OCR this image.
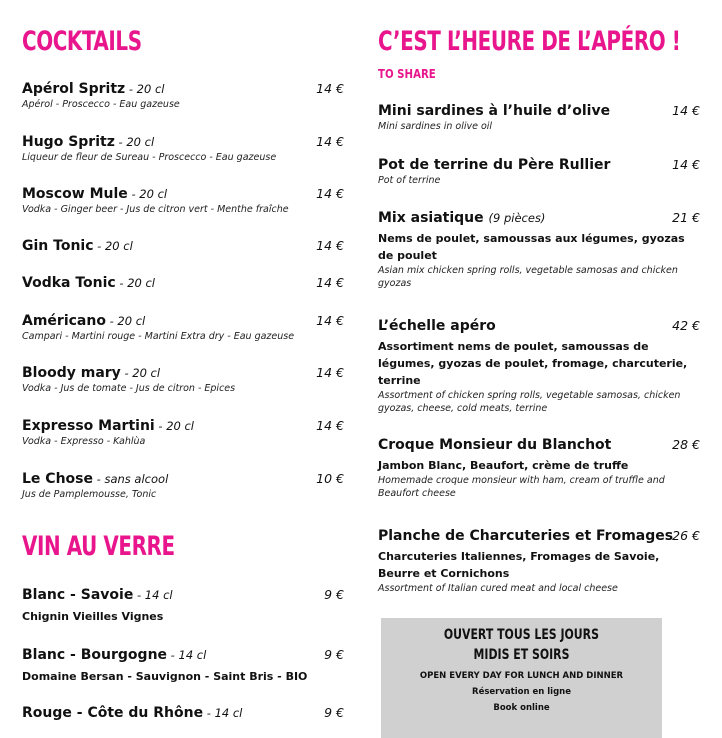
COCKTAILS
Apérol Spritz - 20 cl	14 €
Apérol - Proscecco - Eau gazeuse
Hugo Spritz - 20 cl	14 €
Liqueur de fleur de Sureau - Proscecco - Eau gazeuse
Moscow Mule - 20 cl	14 €
Vodka - Ginger beer - Jus de citron vert - Menthe fraîche
Gin Tonic - 20 cl	14 €
Vodka Tonic - 20 cl	14 €
Américano - 20 cl	14 €
Campari - Martini rouge - Martini Extra dry - Eau gazeuse
Bloody mary - 20 cl	14 €
Vodka - Jus de tomate - Jus de citron - Epices
Expresso Martini - 20 cl	14 €
Vodka - Expresso - Kahlùa
Le Chose - sans alcool	10 €
Jus de Pamplemousse, Tonic
VIN AU VERRE
Blanc - Savoie - 14 cl	9 €
Chignin Vieilles Vignes
Blanc - Bourgogne - 14 cl	9 €
Domaine Bersan - Sauvignon - Saint Bris - BIO
Rouge - Côte du Rhône - 14 cl	9 €
C’EST L’HEURE DE L’APÉRO !
TO SHARE
Mini sardines à l’huile d’olive	14 €
Mini sardines in olive oil
Pot de terrine du Père Rullier	14 €
Pot of terrine
Mix asiatique (9 pièces)	21 €
Nems de poulet, samoussas aux légumes, gyozas de poulet
Asian mix chicken spring rolls, vegetable samosas and chicken gyozas
L’échelle apéro	42 €
Assortiment nems de poulet, samoussas de légumes, gyozas de poulet, fromage, charcuterie, terrine
Assortment of chicken spring rolls, vegetable samosas, chicken gyozas, cheese, cold meats, terrine
Croque Monsieur du Blanchot	28 €
Jambon Blanc, Beaufort, crème de truffe
Homemade croque monsieur with ham, cream of truffle and Beaufort cheese
Planche de Charcuteries et Fromages 26 €
Charcuteries Italiennes, Fromages de Savoie, Beurre et Cornichons
Assortment of Italian cured meat and local cheese
OUVERT TOUS LES JOURS
MIDIS ET SOIRS
OPEN EVERY DAY FOR LUNCH AND DINNER
Réservation en ligne
Book online
